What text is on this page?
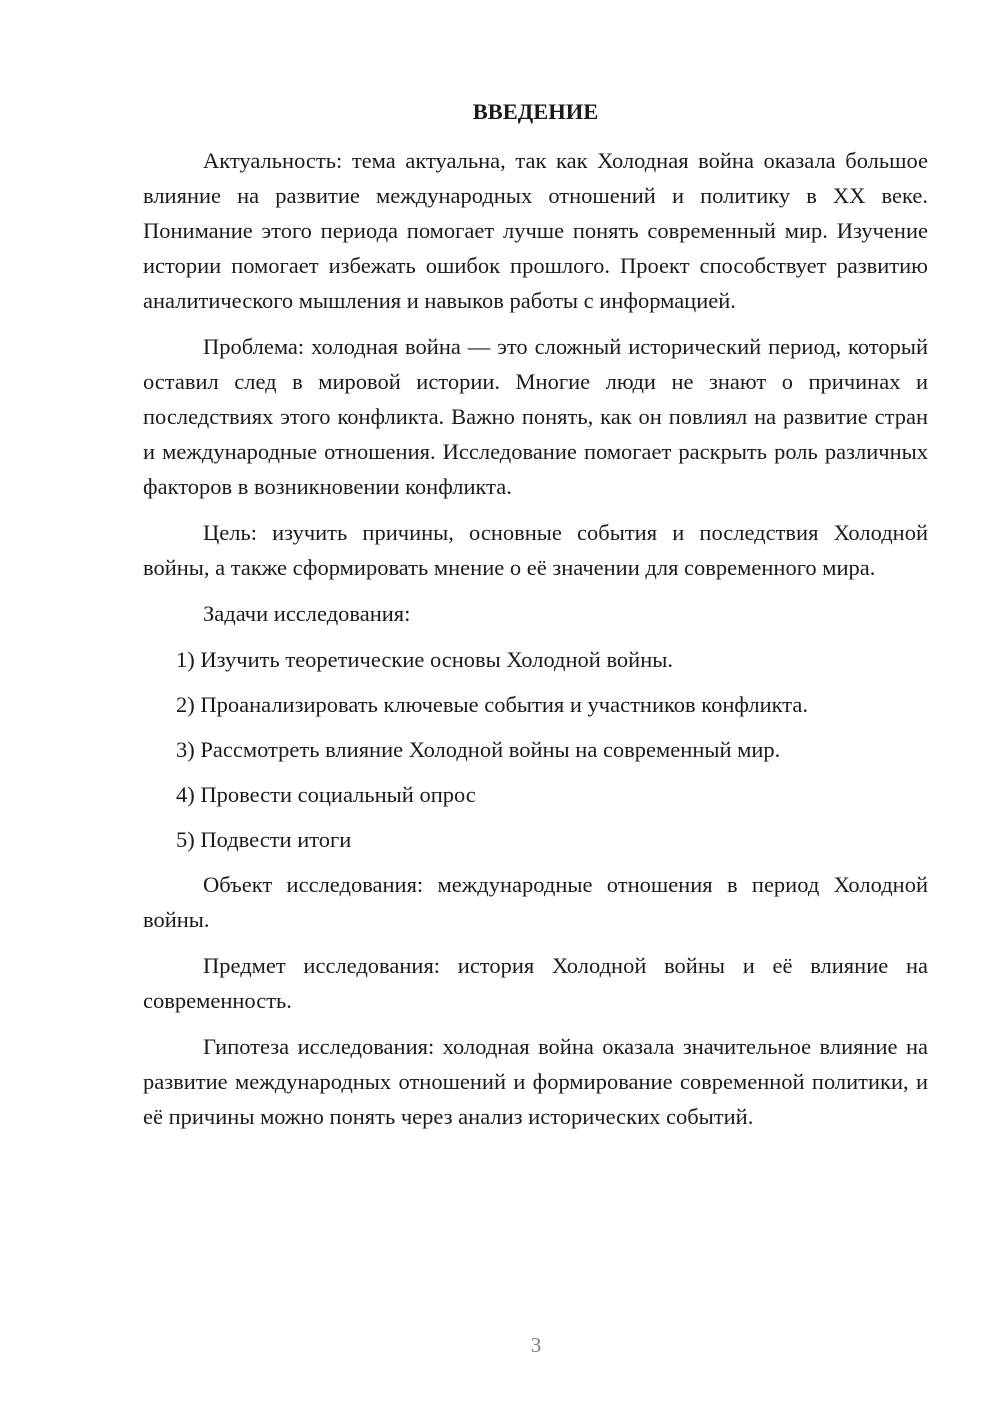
ВВЕДЕНИЕ

Актуальность: тема актуальна, так как Холодная война оказала большое влияние на развитие международных отношений и политику в XX веке. Понимание этого периода помогает лучше понять современный мир. Изучение истории помогает избежать ошибок прошлого. Проект способствует развитию аналитического мышления и навыков работы с информацией.

Проблема: холодная война — это сложный исторический период, который оставил след в мировой истории. Многие люди не знают о причинах и последствиях этого конфликта. Важно понять, как он повлиял на развитие стран и международные отношения. Исследование помогает раскрыть роль различных факторов в возникновении конфликта.

Цель: изучить причины, основные события и последствия Холодной войны, а также сформировать мнение о её значении для современного мира.

Задачи исследования:

1) Изучить теоретические основы Холодной войны.
2) Проанализировать ключевые события и участников конфликта.
3) Рассмотреть влияние Холодной войны на современный мир.
4) Провести социальный опрос
5) Подвести итоги

Объект исследования: международные отношения в период Холодной войны.

Предмет исследования: история Холодной войны и её влияние на современность.

Гипотеза исследования: холодная война оказала значительное влияние на развитие международных отношений и формирование современной политики, и её причины можно понять через анализ исторических событий.

3
